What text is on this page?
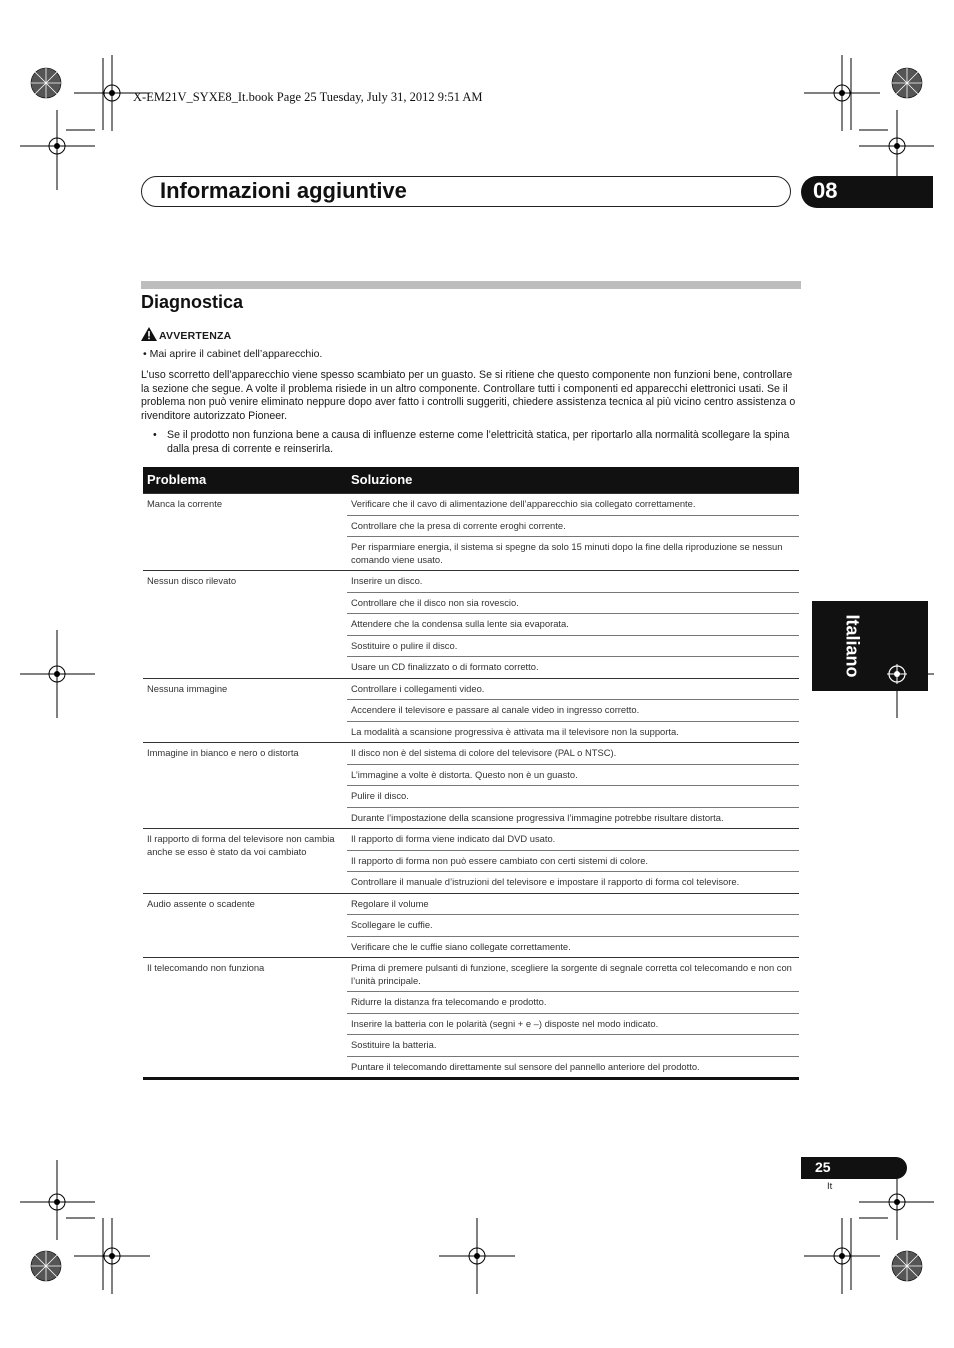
X-EM21V_SYXE8_It.book Page 25 Tuesday, July 31, 2012 9:51 AM
Informazioni aggiuntive	08
Diagnostica
AVVERTENZA
• Mai aprire il cabinet dell’apparecchio.
L’uso scorretto dell’apparecchio viene spesso scambiato per un guasto. Se si ritiene che questo componente non funzioni bene, controllare la sezione che segue. A volte il problema risiede in un altro componente. Controllare tutti i componenti ed apparecchi elettronici usati. Se il problema non può venire eliminato neppure dopo aver fatto i controlli suggeriti, chiedere assistenza tecnica al più vicino centro assistenza o rivenditore autorizzato Pioneer.
• Se il prodotto non funziona bene a causa di influenze esterne come l’elettricità statica, per riportarlo alla normalità scollegare la spina dalla presa di corrente e reinserirla.
Problema	Soluzione
Manca la corrente	Verificare che il cavo di alimentazione dell’apparecchio sia collegato correttamente.
	Controllare che la presa di corrente eroghi corrente.
	Per risparmiare energia, il sistema si spegne da solo 15 minuti dopo la fine della riproduzione se nessun comando viene usato.
Nessun disco rilevato	Inserire un disco.
	Controllare che il disco non sia rovescio.
	Attendere che la condensa sulla lente sia evaporata.
	Sostituire o pulire il disco.
	Usare un CD finalizzato o di formato corretto.
Nessuna immagine	Controllare i collegamenti video.
	Accendere il televisore e passare al canale video in ingresso corretto.
	La modalità a scansione progressiva è attivata ma il televisore non la supporta.
Immagine in bianco e nero o distorta	Il disco non è del sistema di colore del televisore (PAL o NTSC).
	L’immagine a volte è distorta. Questo non è un guasto.
	Pulire il disco.
	Durante l’impostazione della scansione progressiva l’immagine potrebbe risultare distorta.
Il rapporto di forma del televisore non cambia anche se esso è stato da voi cambiato	Il rapporto di forma viene indicato dal DVD usato.
	Il rapporto di forma non può essere cambiato con certi sistemi di colore.
	Controllare il manuale d’istruzioni del televisore e impostare il rapporto di forma col televisore.
Audio assente o scadente	Regolare il volume
	Scollegare le cuffie.
	Verificare che le cuffie siano collegate correttamente.
Il telecomando non funziona	Prima di premere pulsanti di funzione, scegliere la sorgente di segnale corretta col telecomando e non con l’unità principale.
	Ridurre la distanza fra telecomando e prodotto.
	Inserire la batteria con le polarità (segni + e –) disposte nel modo indicato.
	Sostituire la batteria.
	Puntare il telecomando direttamente sul sensore del pannello anteriore del prodotto.
Italiano
25
It
